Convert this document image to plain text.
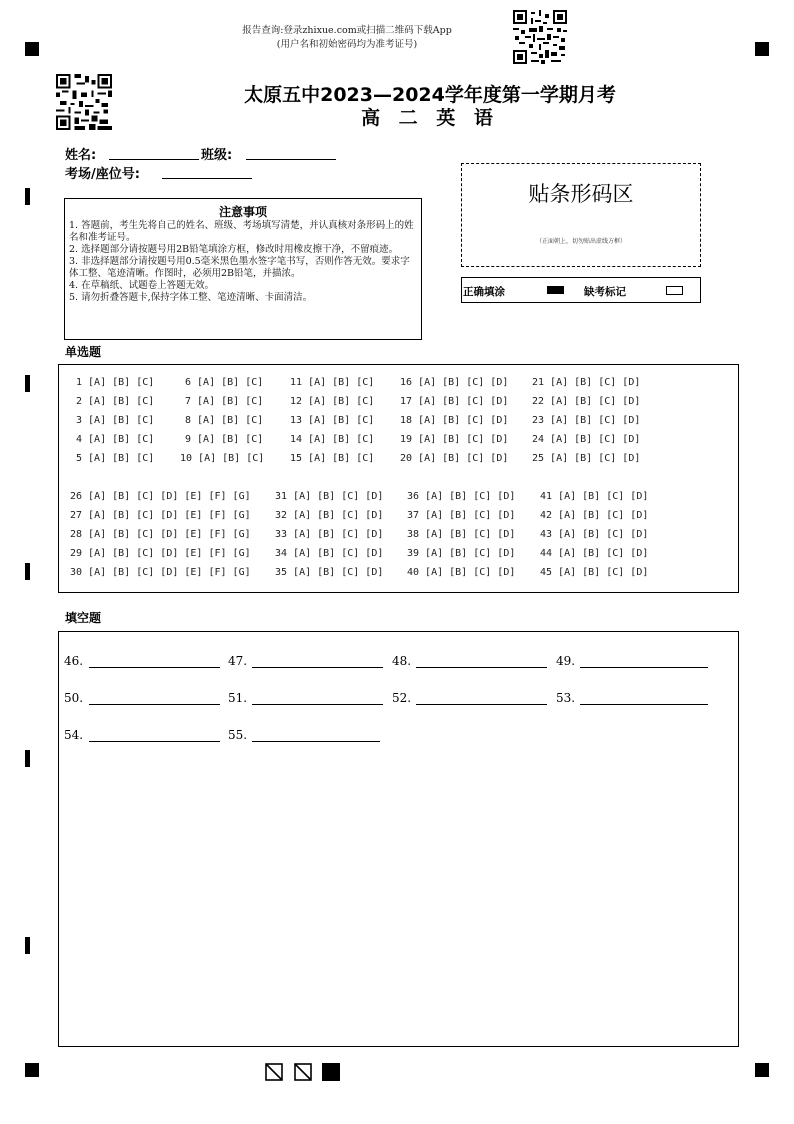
报告查询:登录zhixue.com或扫描二维码下载App
(用户名和初始密码均为准考证号)
太原五中2023—2024学年度第一学期月考
高 二 英 语
姓名:	班级:
考场/座位号:
注意事项
1. 答题前，考生先将自己的姓名、班级、考场填写清楚，并认真核对条形码上的姓名和准考证号。
2. 选择题部分请按题号用2B铅笔填涂方框，修改时用橡皮擦干净，不留痕迹。
3. 非选择题部分请按题号用0.5毫米黑色墨水签字笔书写，否则作答无效。要求字体工整、笔迹清晰。作图时，必须用2B铅笔，并描浓。
4. 在草稿纸、试题卷上答题无效。
5. 请勿折叠答题卡,保持字体工整、笔迹清晰、卡面清洁。
贴条形码区
（正面朝上，切勿贴出虚线方框）
正确填涂	缺考标记
单选题
1 [A] [B] [C]	6 [A] [B] [C]	11 [A] [B] [C]	16 [A] [B] [C] [D] 21 [A] [B] [C] [D]
2 [A] [B] [C]	7 [A] [B] [C]	12 [A] [B] [C]	17 [A] [B] [C] [D] 22 [A] [B] [C] [D]
3 [A] [B] [C]	8 [A] [B] [C]	13 [A] [B] [C]	18 [A] [B] [C] [D] 23 [A] [B] [C] [D]
4 [A] [B] [C]	9 [A] [B] [C]	14 [A] [B] [C]	19 [A] [B] [C] [D] 24 [A] [B] [C] [D]
5 [A] [B] [C]	10 [A] [B] [C]	15 [A] [B] [C]	20 [A] [B] [C] [D] 25 [A] [B] [C] [D]
26 [A] [B] [C] [D] [E] [F] [G] 31 [A] [B] [C] [D] 36 [A] [B] [C] [D] 41 [A] [B] [C] [D]
27 [A] [B] [C] [D] [E] [F] [G] 32 [A] [B] [C] [D] 37 [A] [B] [C] [D] 42 [A] [B] [C] [D]
28 [A] [B] [C] [D] [E] [F] [G] 33 [A] [B] [C] [D] 38 [A] [B] [C] [D] 43 [A] [B] [C] [D]
29 [A] [B] [C] [D] [E] [F] [G] 34 [A] [B] [C] [D] 39 [A] [B] [C] [D] 44 [A] [B] [C] [D]
30 [A] [B] [C] [D] [E] [F] [G] 35 [A] [B] [C] [D] 40 [A] [B] [C] [D] 45 [A] [B] [C] [D]
填空题
46.	47.	48.	49.
50.	51.	52.	53.
54.	55.
